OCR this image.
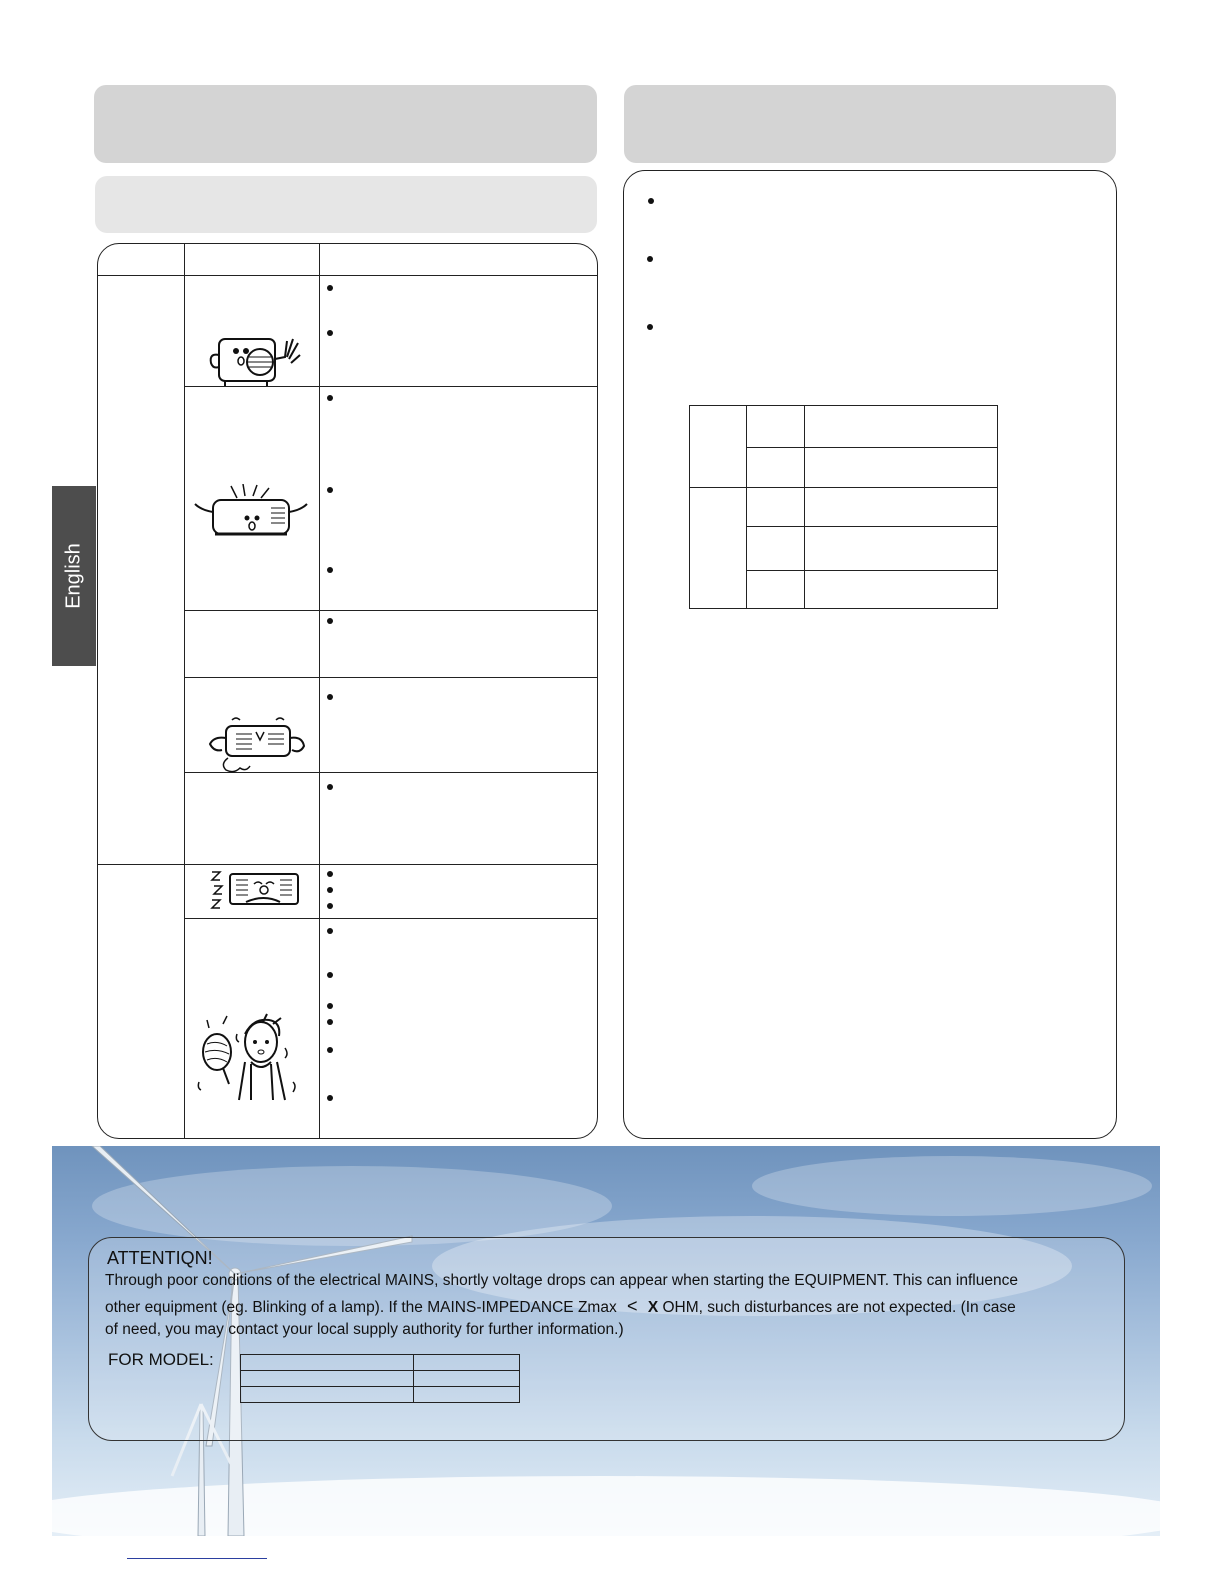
English
ATTENTIQN!
Through poor conditions of the electrical MAINS, shortly voltage drops can appear when starting the EQUIPMENT. This can influence
other equipment (eg. Blinking of a lamp). If the MAINS-IMPEDANCE Zmax < X OHM, such disturbances are not expected. (In case
of need, you may contact your local supply authority for further information.)
FOR MODEL:
